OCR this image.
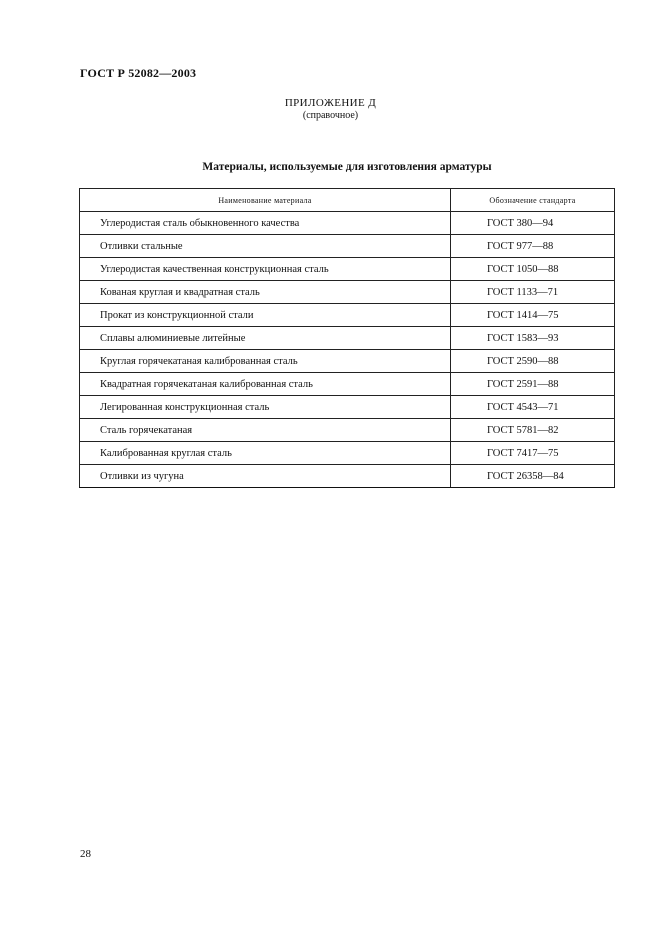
ГОСТ Р 52082—2003
ПРИЛОЖЕНИЕ Д
(справочное)
Материалы, используемые для изготовления арматуры
Наименование материала	Обозначение стандарта
Углеродистая сталь обыкновенного качества	ГОСТ 380—94
Отливки стальные	ГОСТ 977—88
Углеродистая качественная конструкционная сталь	ГОСТ 1050—88
Кованая круглая и квадратная сталь	ГОСТ 1133—71
Прокат из конструкционной стали	ГОСТ 1414—75
Сплавы алюминиевые литейные	ГОСТ 1583—93
Круглая горячекатаная калиброванная сталь	ГОСТ 2590—88
Квадратная горячекатаная калиброванная сталь	ГОСТ 2591—88
Легированная конструкционная сталь	ГОСТ 4543—71
Сталь горячекатаная	ГОСТ 5781—82
Калиброванная круглая сталь	ГОСТ 7417—75
Отливки из чугуна	ГОСТ 26358—84
28
